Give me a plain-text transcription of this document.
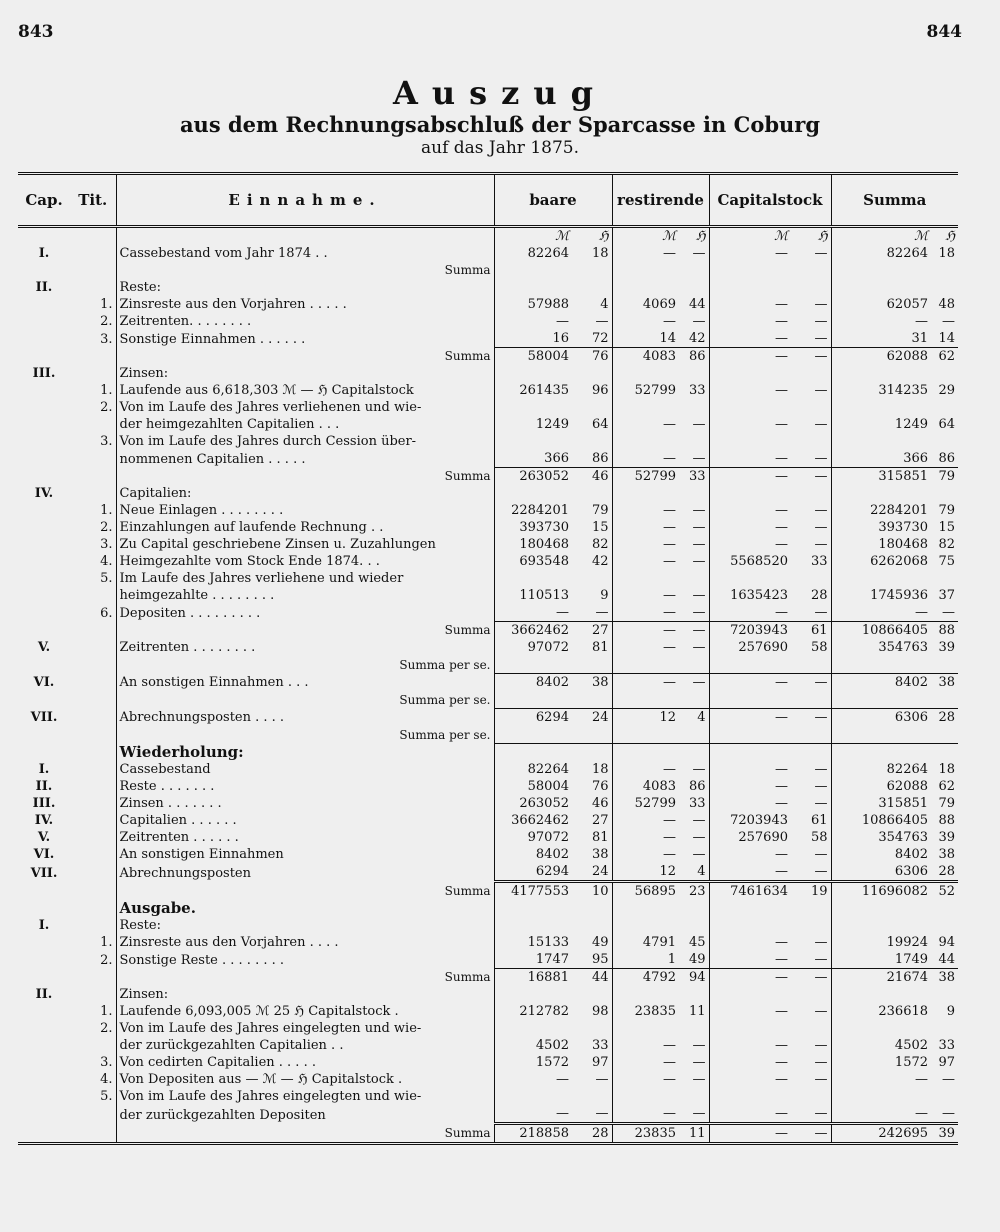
843	844
Auszug
aus dem Rechnungsabschluß der Sparcasse in Coburg
auf das Jahr 1875.
Cap.	Tit.	Einnahme.	baare		restirende		Capitalstock		Summa	
			ℳ	ℌ	ℳ	ℌ	ℳ	ℌ	ℳ	ℌ
I.		Cassebestand vom Jahr 1874 . .	82264	18	—	—	—	—	82264	18

		Summa								

II.		Reste:								
	1.	Zinsreste aus den Vorjahren . . . . .	57988	4	4069	44	—	—	62057	48
	2.	Zeitrenten. . . . . . . .	—	—	—	—	—	—	—	—
	3.	Sonstige Einnahmen . . . . . .	16	72	14	42	—	—	31	14

		Summa	58004	76	4083	86	—	—	62088	62
III.		Zinsen:								
	1.	Laufende aus 6,618,303 ℳ — ℌ Capitalstock	261435	96	52799	33	—	—	314235	29
	2.	Von im Laufe des Jahres verliehenen und wie-								
		der heimgezahlten Capitalien . . .	1249	64	—	—	—	—	1249	64
	3.	Von im Laufe des Jahres durch Cession über-								
		nommenen Capitalien . . . . .	366	86	—	—	—	—	366	86

		Summa	263052	46	52799	33	—	—	315851	79
IV.		Capitalien:								
	1.	Neue Einlagen . . . . . . . .	2284201	79	—	—	—	—	2284201	79
	2.	Einzahlungen auf laufende Rechnung . .	393730	15	—	—	—	—	393730	15
	3.	Zu Capital geschriebene Zinsen u. Zuzahlungen	180468	82	—	—	—	—	180468	82
	4.	Heimgezahlte vom Stock Ende 1874. . .	693548	42	—	—	5568520	33	6262068	75
	5.	Im Laufe des Jahres verliehene und wieder								
		heimgezahlte . . . . . . . .	110513	9	—	—	1635423	28	1745936	37
	6.	Depositen . . . . . . . . .	—	—	—	—	—	—	—	—

		Summa	3662462	27	—	—	7203943	61	10866405	88
V.		Zeitrenten . . . . . . . .	97072	81	—	—	257690	58	354763	39

		Summa per se.								

VI.		An sonstigen Einnahmen . . .	8402	38	—	—	—	—	8402	38

		Summa per se.								

VII.		Abrechnungsposten . . . .	6294	24	12	4	—	—	6306	28

		Summa per se.								

		Wiederholung:								
I.		Cassebestand	82264	18	—	—	—	—	82264	18
II.		Reste . . . . . . .	58004	76	4083	86	—	—	62088	62
III.		Zinsen . . . . . . .	263052	46	52799	33	—	—	315851	79
IV.		Capitalien . . . . . .	3662462	27	—	—	7203943	61	10866405	88
V.		Zeitrenten . . . . . .	97072	81	—	—	257690	58	354763	39
VI.		An sonstigen Einnahmen	8402	38	—	—	—	—	8402	38
VII.		Abrechnungsposten	6294	24	12	4	—	—	6306	28

		Summa	4177553	10	56895	23	7461634	19	11696082	52
		Ausgabe.								
I.		Reste:								
	1.	Zinsreste aus den Vorjahren . . . .	15133	49	4791	45	—	—	19924	94
	2.	Sonstige Reste . . . . . . . .	1747	95	1	49	—	—	1749	44

		Summa	16881	44	4792	94	—	—	21674	38
II.		Zinsen:								
	1.	Laufende 6,093,005 ℳ 25 ℌ Capitalstock .	212782	98	23835	11	—	—	236618	9
	2.	Von im Laufe des Jahres eingelegten und wie-								
		der zurückgezahlten Capitalien . .	4502	33	—	—	—	—	4502	33
	3.	Von cedirten Capitalien . . . . .	1572	97	—	—	—	—	1572	97
	4.	Von Depositen aus — ℳ — ℌ Capitalstock .	—	—	—	—	—	—	—	—
	5.	Von im Laufe des Jahres eingelegten und wie-								
		der zurückgezahlten Depositen	—	—	—	—	—	—	—	—

		Summa	218858	28	23835	11	—	—	242695	39
